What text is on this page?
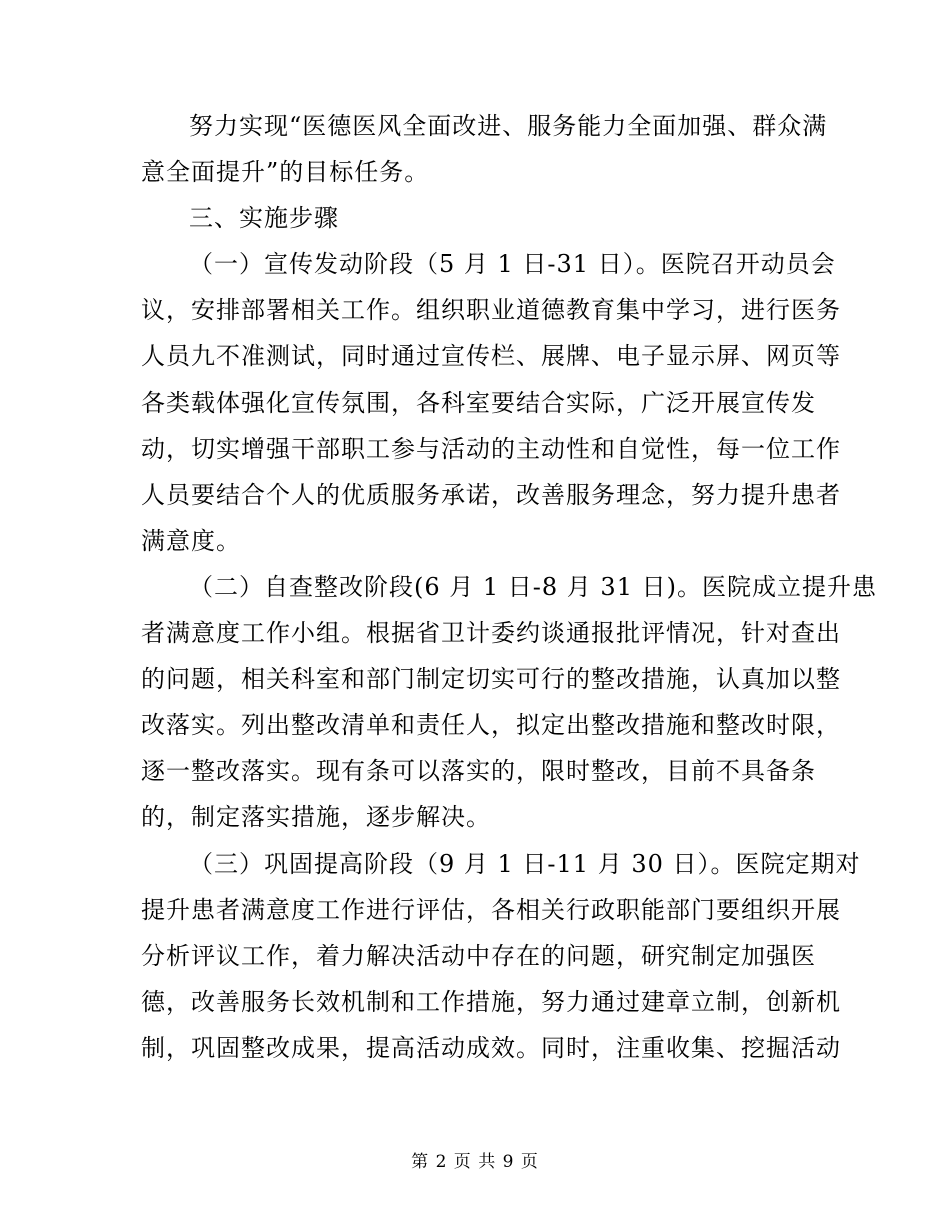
努力实现“医德医风全面改进、服务能力全面加强、群众满
意全面提升”的目标任务。
三、实施步骤
（一）宣传发动阶段（5 月 1 日-31 日）。医院召开动员会
议，安排部署相关工作。组织职业道德教育集中学习，进行医务
人员九不准测试，同时通过宣传栏、展牌、电子显示屏、网页等
各类载体强化宣传氛围，各科室要结合实际，广泛开展宣传发
动，切实增强干部职工参与活动的主动性和自觉性，每一位工作
人员要结合个人的优质服务承诺，改善服务理念，努力提升患者
满意度。
（二）自查整改阶段(6 月 1 日-8 月 31 日)。医院成立提升患
者满意度工作小组。根据省卫计委约谈通报批评情况，针对查出
的问题，相关科室和部门制定切实可行的整改措施，认真加以整
改落实。列出整改清单和责任人，拟定出整改措施和整改时限，
逐一整改落实。现有条可以落实的，限时整改，目前不具备条
的，制定落实措施，逐步解决。
（三）巩固提高阶段（9 月 1 日-11 月 30 日）。医院定期对
提升患者满意度工作进行评估，各相关行政职能部门要组织开展
分析评议工作，着力解决活动中存在的问题，研究制定加强医
德，改善服务长效机制和工作措施，努力通过建章立制，创新机
制，巩固整改成果，提高活动成效。同时，注重收集、挖掘活动
第 2 页 共 9 页
